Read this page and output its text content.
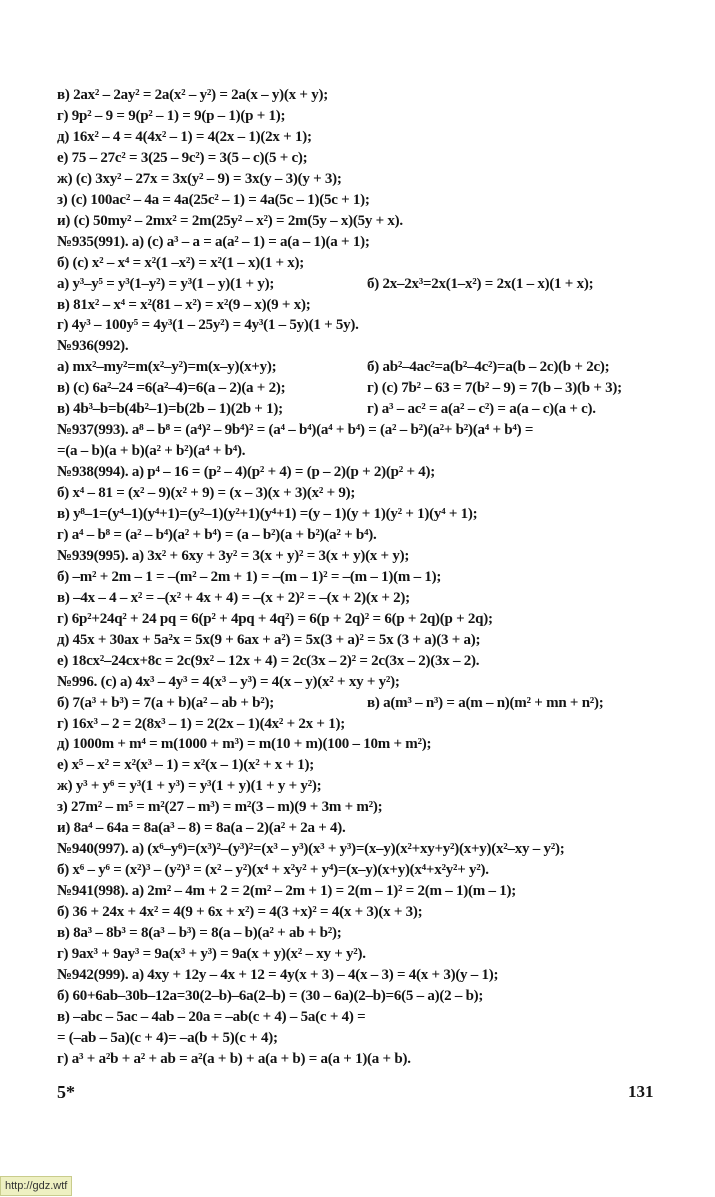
в) 2ax² – 2ay² = 2a(x² – y²) = 2a(x – y)(x + y);
г) 9p² – 9 = 9(p² – 1) = 9(p – 1)(p + 1);
д) 16x² – 4 = 4(4x² – 1) = 4(2x – 1)(2x + 1);
е) 75 – 27c² = 3(25 – 9c²) = 3(5 – c)(5 + c);
ж) (c) 3xy² – 27x = 3x(y² – 9) = 3x(y – 3)(y + 3);
з) (c) 100ac² – 4a = 4a(25c² – 1) = 4a(5c – 1)(5c + 1);
и) (c) 50my² – 2mx² = 2m(25y² – x²) = 2m(5y – x)(5y + x).
№935(991). а) (c) a³ – a = a(a² – 1) = a(a – 1)(a + 1);
б) (c) x² – x⁴ = x²(1 –x²) = x²(1 – x)(1 + x);
а) y³–y⁵ = y³(1–y²) = y³(1 – y)(1 + y);	б) 2x–2x³=2x(1–x²) = 2x(1 – x)(1 + x);
в) 81x² – x⁴ = x²(81 – x²) = x²(9 – x)(9 + x);
г) 4y³ – 100y⁵ = 4y³(1 – 25y²) = 4y³(1 – 5y)(1 + 5y).
№936(992).
а) mx²–my²=m(x²–y²)=m(x–y)(x+y);	б) ab²–4ac²=a(b²–4c²)=a(b – 2c)(b + 2c);
в) (c) 6a²–24 =6(a²–4)=6(a – 2)(a + 2);	г) (c) 7b² – 63 = 7(b² – 9) = 7(b – 3)(b + 3);
в) 4b³–b=b(4b²–1)=b(2b – 1)(2b + 1);	г) a³ – ac² = a(a² – c²) = a(a – c)(a + c).
№937(993). a⁸ – b⁸ = (a⁴)² – 9b⁴)² = (a⁴ – b⁴)(a⁴ + b⁴) = (a² – b²)(a²+ b²)(a⁴ + b⁴) =
=(a – b)(a + b)(a² + b²)(a⁴ + b⁴).
№938(994). а) p⁴ – 16 = (p² – 4)(p² + 4) = (p – 2)(p + 2)(p² + 4);
б) x⁴ – 81 = (x² – 9)(x² + 9) = (x – 3)(x + 3)(x² + 9);
в) y⁸–1=(y⁴–1)(y⁴+1)=(y²–1)(y²+1)(y⁴+1) =(y – 1)(y + 1)(y² + 1)(y⁴ + 1);
г) a⁴ – b⁸ = (a² – b⁴)(a² + b⁴) = (a – b²)(a + b²)(a² + b⁴).
№939(995). а) 3x² + 6xy + 3y² = 3(x + y)² = 3(x + y)(x + y);
б) –m² + 2m – 1 = –(m² – 2m + 1) = –(m – 1)² = –(m – 1)(m – 1);
в) –4x – 4 – x² = –(x² + 4x + 4) = –(x + 2)² = –(x + 2)(x + 2);
г) 6p²+24q² + 24 pq = 6(p² + 4pq + 4q²) = 6(p + 2q)² = 6(p + 2q)(p + 2q);
д) 45x + 30ax + 5a²x = 5x(9 + 6ax + a²) = 5x(3 + a)² = 5x (3 + a)(3 + a);
е) 18cx²–24cx+8c = 2c(9x² – 12x + 4) = 2c(3x – 2)² = 2c(3x – 2)(3x – 2).
№996. (c) а) 4x³ – 4y³ = 4(x³ – y³) = 4(x – y)(x² + xy + y²);
б) 7(a³ + b³) = 7(a + b)(a² – ab + b²);	в) a(m³ – n³) = a(m – n)(m² + mn + n²);
г) 16x³ – 2 = 2(8x³ – 1) = 2(2x – 1)(4x² + 2x + 1);
д) 1000m + m⁴ = m(1000 + m³) = m(10 + m)(100 – 10m + m²);
е) x⁵ – x² = x²(x³ – 1) = x²(x – 1)(x² + x + 1);
ж) y³ + y⁶ = y³(1 + y³) = y³(1 + y)(1 + y + y²);
з) 27m² – m⁵ = m²(27 – m³) = m²(3 – m)(9 + 3m + m²);
и) 8a⁴ – 64a = 8a(a³ – 8) = 8a(a – 2)(a² + 2a + 4).
№940(997). а) (x⁶–y⁶)=(x³)²–(y³)²=(x³ – y³)(x³ + y³)=(x–y)(x²+xy+y²)(x+y)(x²–xy – y²);
б) x⁶ – y⁶ = (x²)³ – (y²)³ = (x² – y²)(x⁴ + x²y² + y⁴)=(x–y)(x+y)(x⁴+x²y²+ y²).
№941(998). а) 2m² – 4m + 2 = 2(m² – 2m + 1) = 2(m – 1)² = 2(m – 1)(m – 1);
б) 36 + 24x + 4x² = 4(9 + 6x + x²) = 4(3 +x)² = 4(x + 3)(x + 3);
в) 8a³ – 8b³ = 8(a³ – b³) = 8(a – b)(a² + ab + b²);
г) 9ax³ + 9ay³ = 9a(x³ + y³) = 9a(x + y)(x² – xy + y²).
№942(999). а) 4xy + 12y – 4x + 12 = 4y(x + 3) – 4(x – 3) = 4(x + 3)(y – 1);
б) 60+6ab–30b–12a=30(2–b)–6a(2–b) = (30 – 6a)(2–b)=6(5 – a)(2 – b);
в) –abc – 5ac – 4ab – 20a = –ab(c + 4) – 5a(c + 4) =
= (–ab – 5a)(c + 4)= –a(b + 5)(c + 4);
г) a³ + a²b + a² + ab = a²(a + b) + a(a + b) = a(a + 1)(a + b).
5*	131
http://gdz.wtf
